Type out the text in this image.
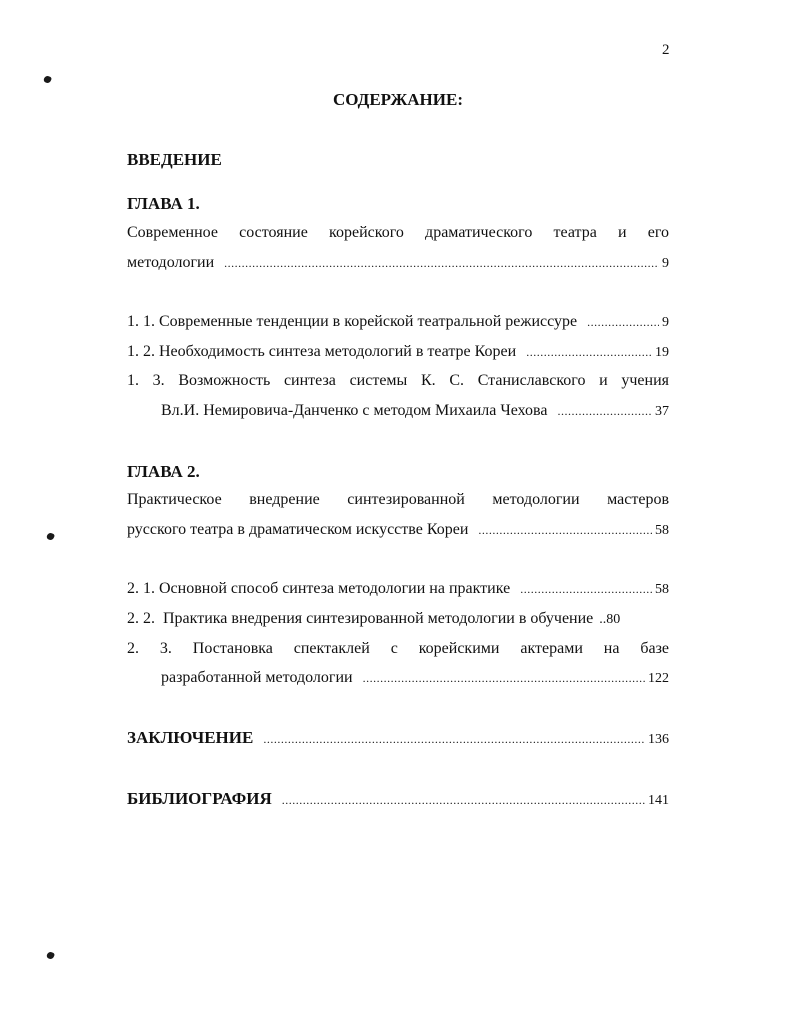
2
СОДЕРЖАНИЕ:
ВВЕДЕНИЕ
ГЛАВА 1.
Современное состояние корейского драматического театра и его
методологии .....	9
1. 1. Современные тенденции в корейской театральной режиссуре .....	9
1. 2. Необходимость синтеза методологий в театре Кореи .....	19
1. 3. Возможность синтеза системы К. С. Станиславского и учения
Вл.И. Немировича-Данченко с методом Михаила Чехова .....	37
ГЛАВА 2.
Практическое внедрение синтезированной методологии мастеров
русского театра в драматическом искусстве Кореи .....	58
2. 1. Основной способ синтеза методологии на практике .....	58
2. 2.  Практика внедрения синтезированной методологии в обучение ..80
2. 3. Постановка спектаклей с корейскими актерами на базе
разработанной методологии .....	122
ЗАКЛЮЧЕНИЕ .....	136
БИБЛИОГРАФИЯ .....	141
